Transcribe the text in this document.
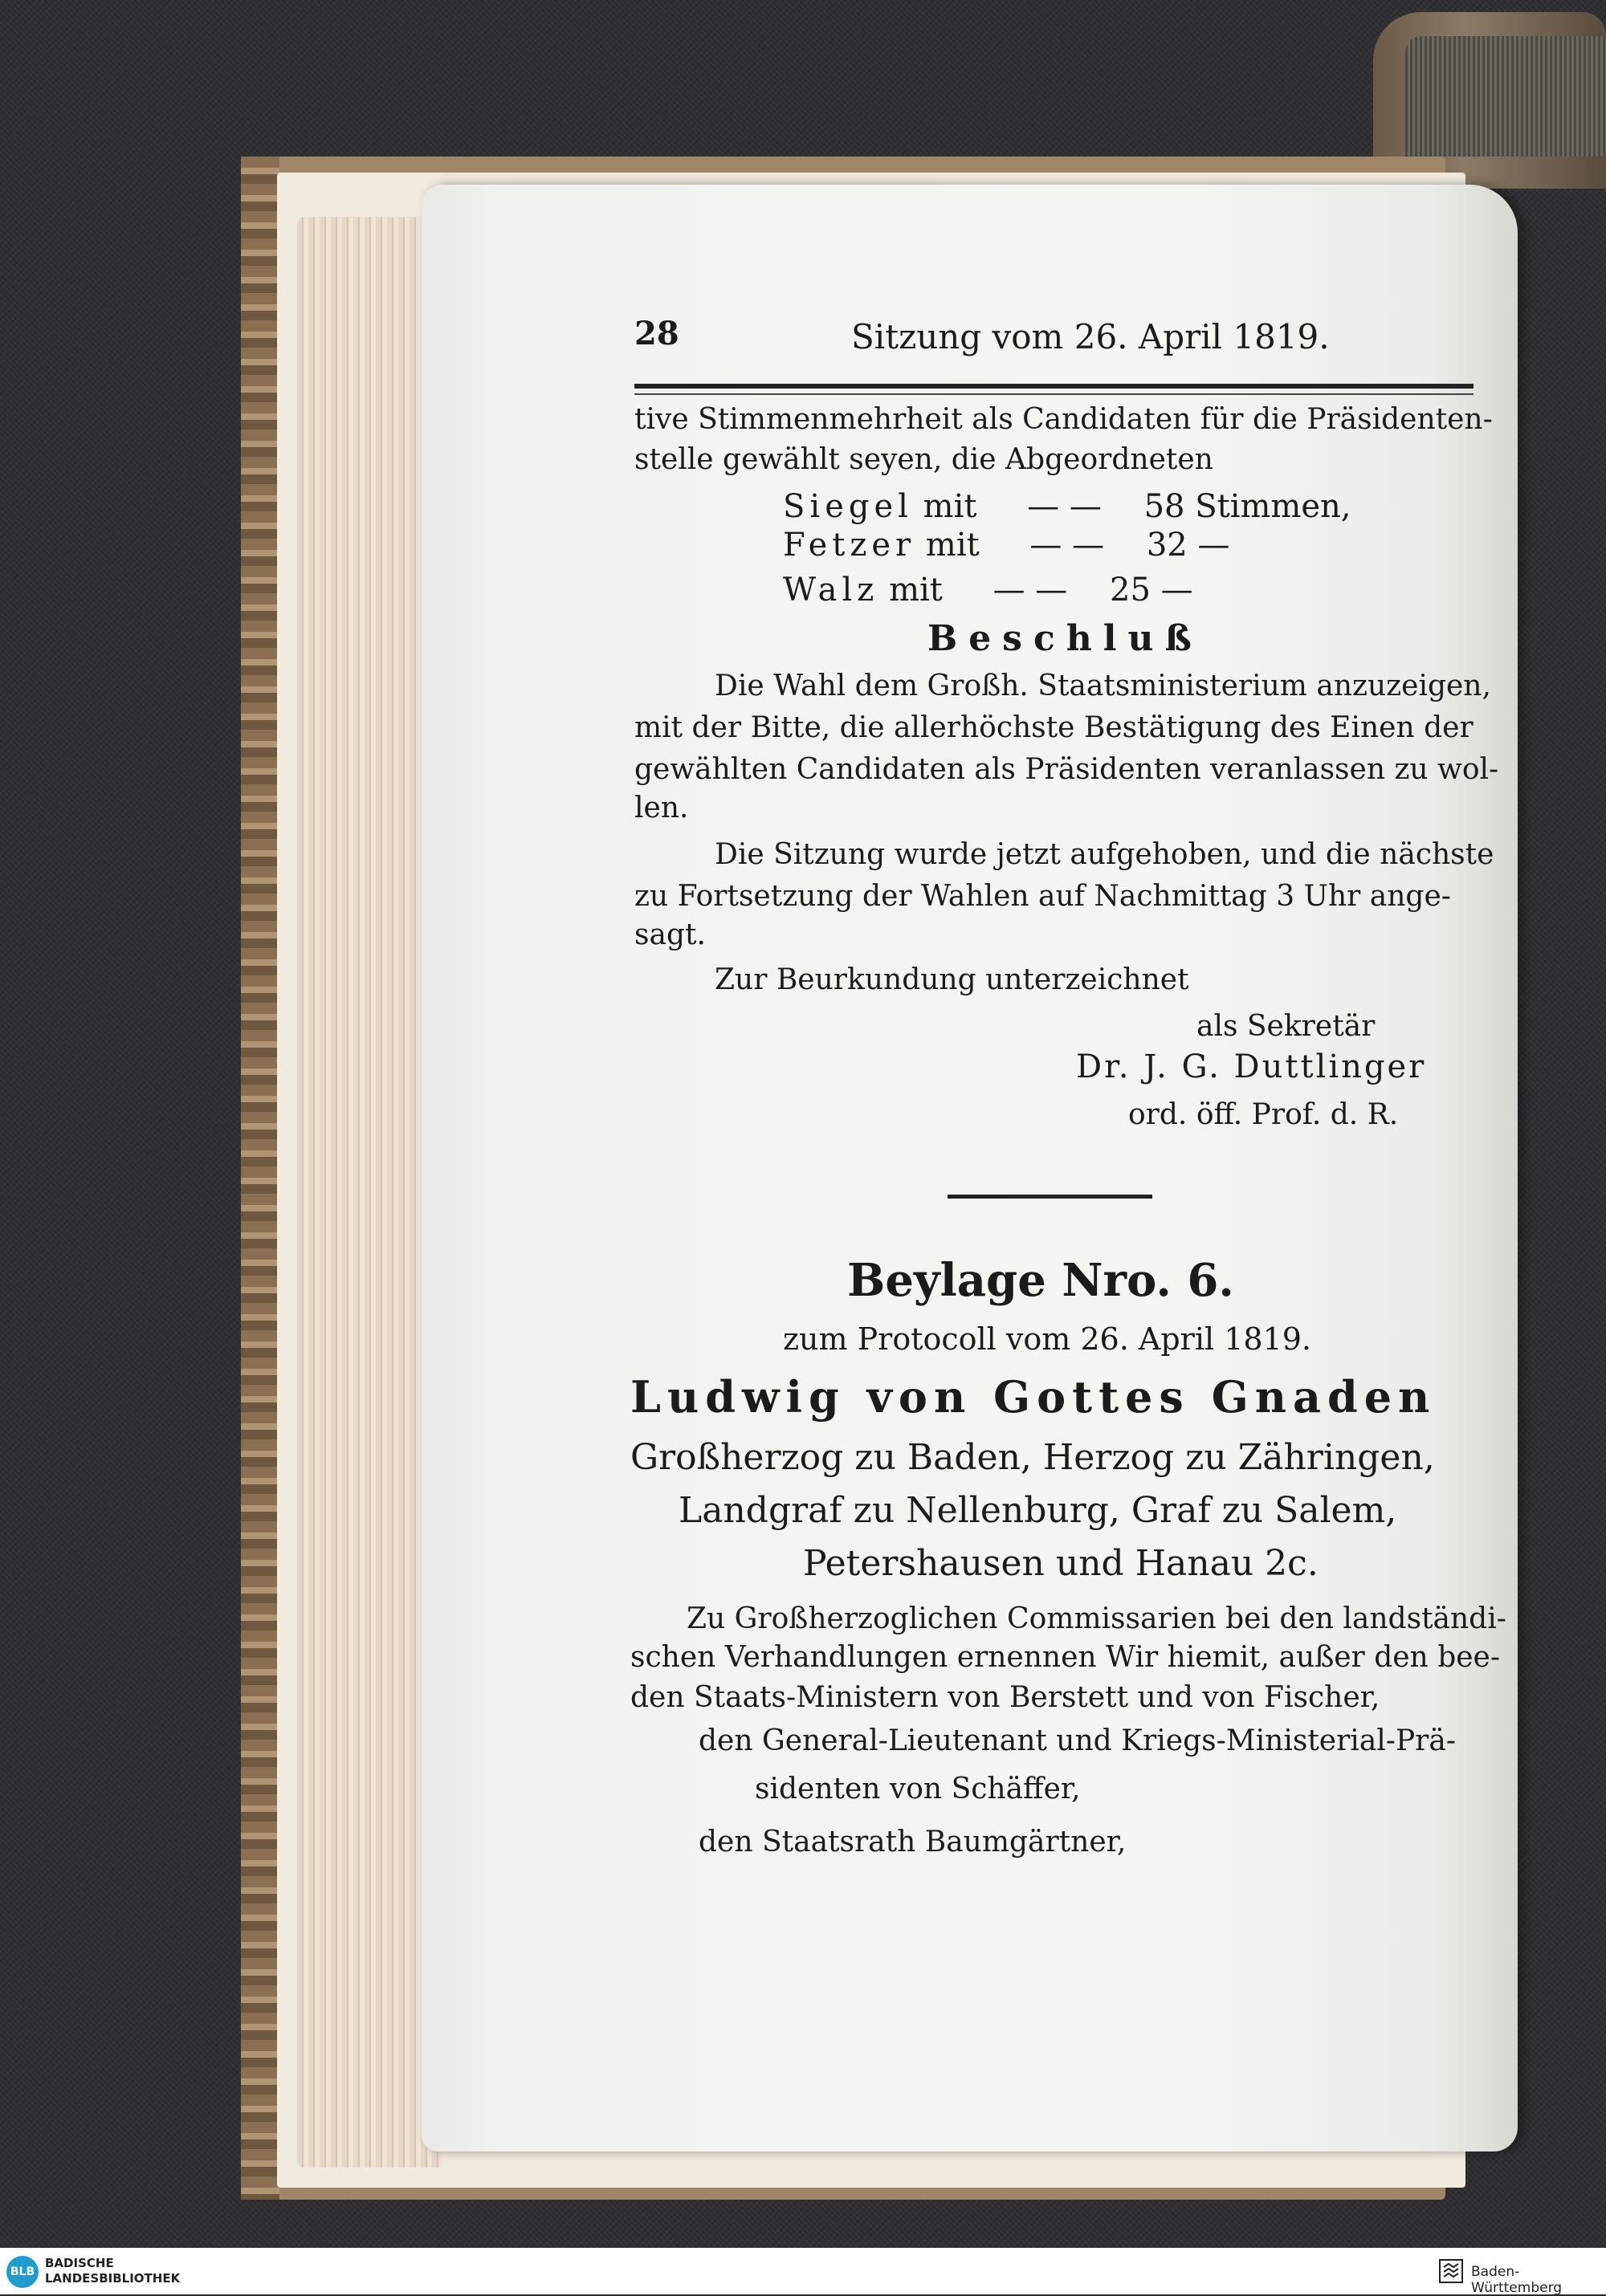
28	Sitzung vom 26. April 1819.
tive Stimmenmehrheit als Candidaten für die Präsidenten-
stelle gewählt seyen, die Abgeordneten
Siegel mit — — 58 Stimmen,
Fetzer mit — — 32 —
Walz mit — — 25 —
Beschluß
Die Wahl dem Großh. Staatsministerium anzuzeigen,
mit der Bitte, die allerhöchste Bestätigung des Einen der
gewählten Candidaten als Präsidenten veranlassen zu wol-
len.
Die Sitzung wurde jetzt aufgehoben, und die nächste
zu Fortsetzung der Wahlen auf Nachmittag 3 Uhr ange-
sagt.
Zur Beurkundung unterzeichnet
als Sekretär
Dr. J. G. Duttlinger
ord. öff. Prof. d. R.
Beylage Nro. 6.
zum Protocoll vom 26. April 1819.
Ludwig von Gottes Gnaden
Großherzog zu Baden, Herzog zu Zähringen,
Landgraf zu Nellenburg, Graf zu Salem,
Petershausen und Hanau 2c.
Zu Großherzoglichen Commissarien bei den landständi-
schen Verhandlungen ernennen Wir hiemit, außer den bee-
den Staats-Ministern von Berstett und von Fischer,
den General-Lieutenant und Kriegs-Ministerial-Prä-
sidenten von Schäffer,
den Staatsrath Baumgärtner,
BLB
BADISCHE
LANDESBIBLIOTHEK	Baden-Württemberg
